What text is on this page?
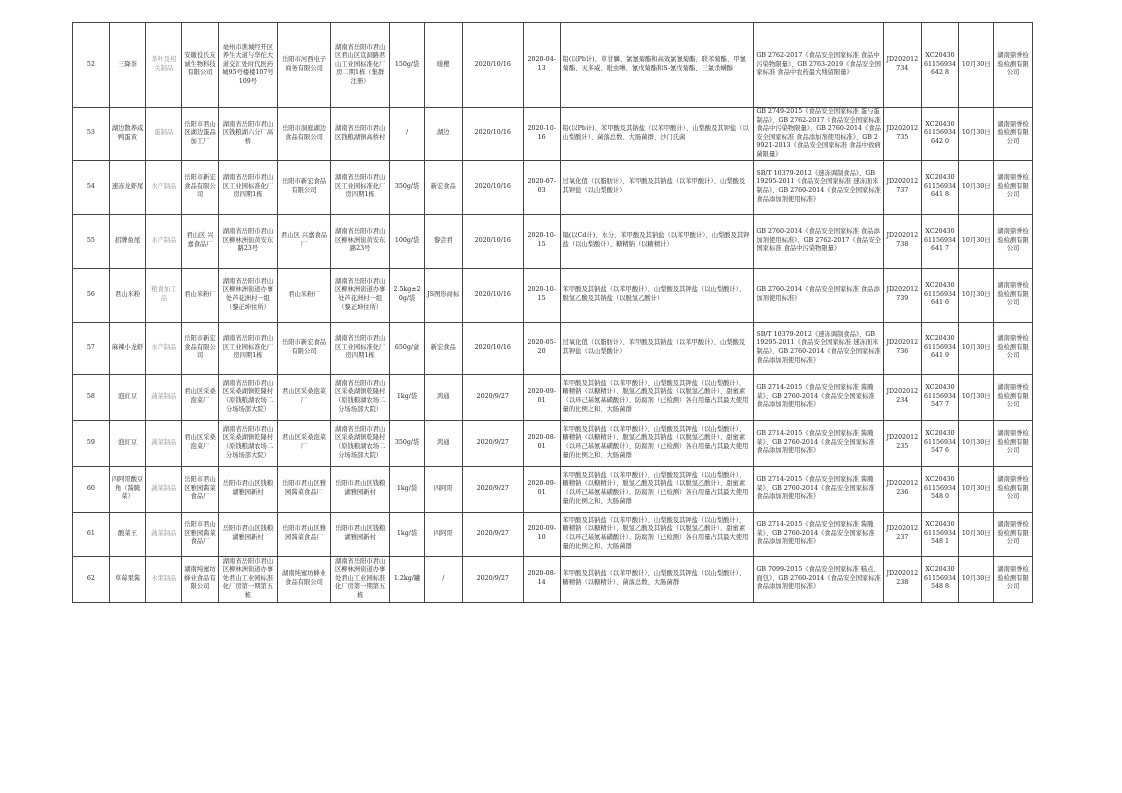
52	三降茶	茶叶及相关制品	安徽役氏友诚生物科技有限公司	亳州市谯城经开区养生大道与华佗大道交汇处时代医药城95号楼楼107号109号	岳阳市河西电子商务有限公司	湖南省岳阳市君山区君山区宣洞路君山工业园标准化厂房二期1栋（集群注册）	150g/袋	暖樱	2020/10/16	2020-04-13	铅(以Pb计)、草甘膦、氯氰菊酯和高效氯氰菊酯、联苯菊酯、甲氰菊酯、灭多威、吡虫啉、氰戊菊酯和S-氰戊菊酯、三氯杀螨醇	GB 2762-2017《食品安全国家标准 食品中污染物限量》、GB 2763-2019《食品安全国家标准 食品中农药最大残留限量》	JD202012734	XC2043061156934642 8	10月30日	湖南鼎誉检验检测有限公司
53	湖边散养咸鸭蛋黄	蛋制品	岳阳市君山区湖边蛋品加工厂	湖南省岳阳市君山区钱粮湖六分厂高桥	岳阳市洞庭湖边食品有限公司	湖南省岳阳市君山区钱粮湖镇高桥村	/	湖边	2020/10/16	2020-10-16	铅(以Pb计)、苯甲酸及其钠盐（以苯甲酸计）、山梨酸及其钾盐（以山梨酸计）、菌落总数、大肠菌群、沙门氏菌	GB 2749-2015《食品安全国家标准 蛋与蛋制品》、GB 2762-2017《食品安全国家标准 食品中污染物限量》、GB 2760-2014《食品安全国家标准 食品添加剂使用标准》、GB 29921-2013《食品安全国家标准 食品中致病菌限量》	JD202012735	XC2043061156934642 0	10月30日	湖南鼎誉检验检测有限公司
54	速冻龙虾尾	水产制品	岳阳市新宏食品有限公司	湖南省岳阳市君山区工业园标准化厂房四期1栋	岳阳市新宏食品有限公司	湖南省岳阳市君山区工业园标准化厂房四期1栋	350g/袋	新宏食品	2020/10/16	2020-07-03	过氧化值（以脂肪计）、苯甲酸及其钠盐（以苯甲酸计）、山梨酸及其钾盐（以山梨酸计）	SB/T 10379-2012《速冻调制食品》、GB 19295-2011《食品安全国家标准 速冻面米制品》、GB 2760-2014《食品安全国家标准 食品添加剂使用标准》	JD202012737	XC2043061156934641 8	10月30日	湖南鼎誉检验检测有限公司
55	招牌鱼尾	水产制品	君山区 兴嘉食品厂	湖南省岳阳市君山区柳林洲街黄安东路23号	君山区 兴嘉食品厂	湖南省岳阳市君山区柳林洲街黄安东路23号	100g/袋	黎尝君	2020/10/16	2020-10-15	镉(以Cd计)、水分、苯甲酸及其钠盐（以苯甲酸计）、山梨酸及其钾盐（以山梨酸计）、糖精钠（以糖精计）	GB 2760-2014《食品安全国家标准 食品添加剂使用标准》、GB 2762-2017《食品安全国家标准 食品中污染物限量》	JD202012738	XC2043061156934641 7	10月30日	湖南鼎誉检验检测有限公司
56	君山米粉	粮食加工品	君山米粉厂	湖南省岳阳市君山区柳林洲街道办事处芦花洲村一组（黎正坤住所）	君山米粉厂	湖南省岳阳市君山区柳林洲街道办事处芦花洲村一组（黎正坤住所）	2.5kg±20g/袋	JS图形商标	2020/10/16	2020-10-15	苯甲酸及其钠盐（以苯甲酸计）、山梨酸及其钾盐（以山梨酸计）、脱氢乙酸及其钠盐（以脱氢乙酸计）	GB 2760-2014《食品安全国家标准 食品添加剂使用标准》	JD202012739	XC2043061156934641 6	10月30日	湖南鼎誉检验检测有限公司
57	麻辣小龙虾	水产制品	岳阳市新宏食品有限公司	湖南省岳阳市君山区工业园标准化厂房四期1栋	岳阳市新宏食品有限公司	湖南省岳阳市君山区工业园标准化厂房四期1栋	650g/盒	新宏食品	2020/10/16	2020-05-20	过氧化值（以脂肪计）、苯甲酸及其钠盐（以苯甲酸计）、山梨酸及其钾盐（以山梨酸计）	SB/T 10379-2012《速冻调制食品》、GB 19295-2011《食品安全国家标准 速冻面米制品》、GB 2760-2014《食品安全国家标准 食品添加剂使用标准》	JD202012736	XC2043061156934641 9	10月30日	湖南鼎誉检验检测有限公司
58	泡豇豆	蔬菜制品	君山区采桑泡菜厂	湖南省岳阳市君山区采桑湖镇乾隆村（原钱粮湖农场二分场场部大院）	君山区采桑泡菜厂	湖南省岳阳市君山区采桑湖镇乾隆村（原钱粮湖农场二分场场部大院）	1kg/袋	鸿通	2020/9/27	2020-09-01	苯甲酸及其钠盐（以苯甲酸计）、山梨酸及其钾盐（以山梨酸计）、糖精钠（以糖精计）、脱氢乙酸及其钠盐（以脱氢乙酸计）、甜蜜素（以环己基氨基磺酸计）、防腐剂（已检测）各自用量占其最大使用量的比例之和、大肠菌群	GB 2714-2015《食品安全国家标准 酱腌菜》、GB 2760-2014《食品安全国家标准 食品添加剂使用标准》	JD202012234	XC2043061156934547 7	10月30日	湖南鼎誉检验检测有限公司
59	泡豇豆	蔬菜制品	君山区采桑泡菜厂	湖南省岳阳市君山区采桑湖镇乾隆村（原钱粮湖农场二分场场部大院）	君山区采桑泡菜厂	湖南省岳阳市君山区采桑湖镇乾隆村（原钱粮湖农场二分场场部大院）	350g/袋	鸿通	2020/9/27	2020-08-01	苯甲酸及其钠盐（以苯甲酸计）、山梨酸及其钾盐（以山梨酸计）、糖精钠（以糖精计）、脱氢乙酸及其钠盐（以脱氢乙酸计）、甜蜜素（以环己基氨基磺酸计）、防腐剂（已检测）各自用量占其最大使用量的比例之和、大肠菌群	GB 2714-2015《食品安全国家标准 酱腌菜》、GB 2760-2014《食品安全国家标准 食品添加剂使用标准》	JD202012235	XC2043061156934547 6	10月30日	湖南鼎誉检验检测有限公司
60	四阿哥酸豆角（酱腌菜）	蔬菜制品	岳阳市君山区雅园酱菜食品厂	岳阳市君山区钱粮湖雅园新村	岳阳市君山区雅园酱菜食品厂	岳阳市君山区钱粮湖雅园新村	1kg/袋	四阿哥	2020/9/27	2020-09-01	苯甲酸及其钠盐（以苯甲酸计）、山梨酸及其钾盐（以山梨酸计）、糖精钠（以糖精计）、脱氢乙酸及其钠盐（以脱氢乙酸计）、甜蜜素（以环己基氨基磺酸计）、防腐剂（已检测）各自用量占其最大使用量的比例之和、大肠菌群	GB 2714-2015《食品安全国家标准 酱腌菜》、GB 2760-2014《食品安全国家标准 食品添加剂使用标准》	JD202012236	XC2043061156934548 0	10月30日	湖南鼎誉检验检测有限公司
61	酸菜王	蔬菜制品	岳阳市君山区雅园酱菜食品厂	岳阳市君山区钱粮湖雅园新村	岳阳市君山区雅园酱菜食品厂	岳阳市君山区钱粮湖雅园新村	1kg/袋	四阿哥	2020/9/27	2020-09-10	苯甲酸及其钠盐（以苯甲酸计）、山梨酸及其钾盐（以山梨酸计）、糖精钠（以糖精计）、脱氢乙酸及其钠盐（以脱氢乙酸计）、甜蜜素（以环己基氨基磺酸计）、防腐剂（已检测）各自用量占其最大使用量的比例之和、大肠菌群	GB 2714-2015《食品安全国家标准 酱腌菜》、GB 2760-2014《食品安全国家标准 食品添加剂使用标准》	JD202012237	XC2043061156934548 1	10月30日	湖南鼎誉检验检测有限公司
62	草莓果酱	水果制品	湖南纯蜜坊蜂业食品有限公司	湖南省岳阳市君山区柳林洲街道办事处君山工业园标准化厂房第一期第五栋	湖南纯蜜坊蜂业食品有限公司	湖南省岳阳市君山区柳林洲街道办事处君山工业园标准化厂房第一期第五栋	1.2kg/罐	/	2020/9/27	2020-08-14	苯甲酸及其钠盐（以苯甲酸计）、山梨酸及其钾盐（以山梨酸计）、糖精钠（以糖精计）、菌落总数、大肠菌群	GB 7099-2015《食品安全国家标准 糕点、面包》、GB 2760-2014《食品安全国家标准 食品添加剂使用标准》	JD202012238	XC2043061156934548 8	10月30日	湖南鼎誉检验检测有限公司
